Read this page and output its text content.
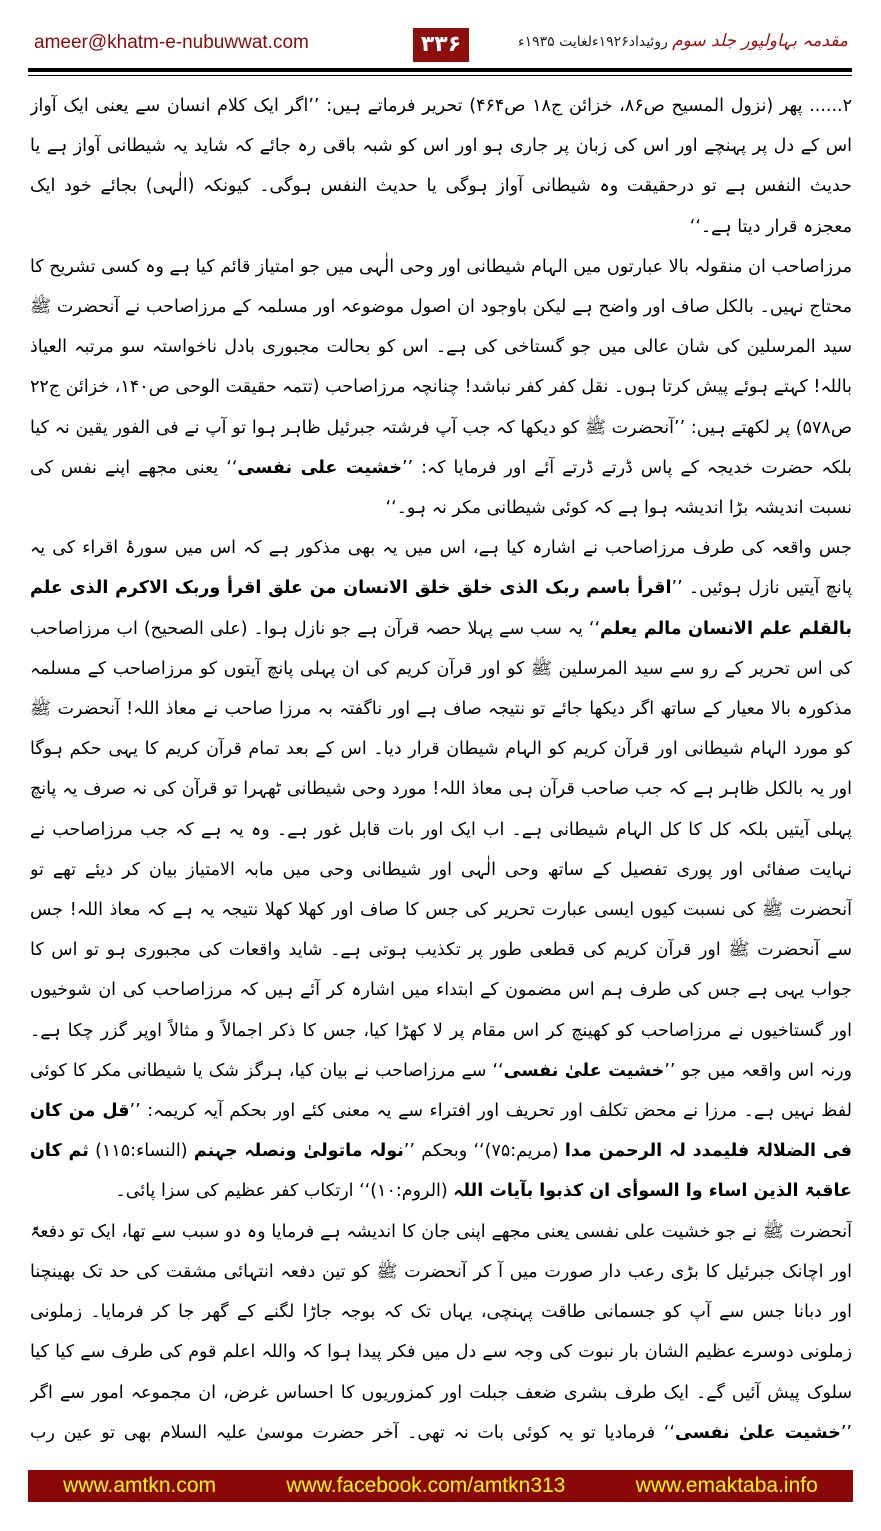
ameer@khatm-e-nubuwwat.com	۳۳۶	روئیداد۱۹۲۶ءلغایت ۱۹۳۵ء مقدمہ بہاولپور جلد سوم

۲...... پھر (نزول المسیح ص۸۶، خزائن ج۱۸ ص۴۶۴) تحریر فرماتے ہیں: ’’اگر ایک کلام انسان سے یعنی ایک آواز اس کے دل پر پہنچے اور اس کی زبان پر جاری ہو اور اس کو شبہ باقی رہ جائے کہ شاید یہ شیطانی آواز ہے یا حدیث النفس ہے تو درحقیقت وہ شیطانی آواز ہوگی یا حدیث النفس ہوگی۔ کیونکہ (الٰہی) بجائے خود ایک معجزہ قرار دیتا ہے۔‘‘

مرزاصاحب ان منقولہ بالا عبارتوں میں الہام شیطانی اور وحی الٰہی میں جو امتیاز قائم کیا ہے وہ کسی تشریح کا محتاج نہیں۔ بالکل صاف اور واضح ہے لیکن باوجود ان اصول موضوعہ اور مسلمہ کے مرزاصاحب نے آنحضرت ﷺ سید المرسلین کی شان عالی میں جو گستاخی کی ہے۔ اس کو بحالت مجبوری بادل ناخواستہ سو مرتبہ العیاذ باللہ! کہتے ہوئے پیش کرتا ہوں۔ نقل کفر کفر نباشد! چنانچہ مرزاصاحب (تتمہ حقیقت الوحی ص۱۴۰، خزائن ج۲۲ ص۵۷۸) پر لکھتے ہیں: ’’آنحضرت ﷺ کو دیکھا کہ جب آپ فرشتہ جبرئیل ظاہر ہوا تو آپ نے فی الفور یقین نہ کیا بلکہ حضرت خدیجہ کے پاس ڈرتے ڈرتے آئے اور فرمایا کہ: ’’خشیت علی نفسی‘‘ یعنی مجھے اپنے نفس کی نسبت اندیشہ بڑا اندیشہ ہوا ہے کہ کوئی شیطانی مکر نہ ہو۔‘‘

جس واقعہ کی طرف مرزاصاحب نے اشارہ کیا ہے، اس میں یہ بھی مذکور ہے کہ اس میں سورۂ اقراء کی یہ پانچ آیتیں نازل ہوئیں۔ ’’اقرأ باسم ربک الذی خلق خلق الانسان من علق اقرأ وربک الاکرم الذی علم بالقلم علم الانسان مالم یعلم‘‘ یہ سب سے پہلا حصہ قرآن ہے جو نازل ہوا۔ (علی الصحیح) اب مرزاصاحب کی اس تحریر کے رو سے سید المرسلین ﷺ کو اور قرآن کریم کی ان پہلی پانچ آیتوں کو مرزاصاحب کے مسلمہ مذکورہ بالا معیار کے ساتھ اگر دیکھا جائے تو نتیجہ صاف ہے اور ناگفتہ بہ مرزا صاحب نے معاذ اللہ! آنحضرت ﷺ کو مورد الہام شیطانی اور قرآن کریم کو الہام شیطان قرار دیا۔ اس کے بعد تمام قرآن کریم کا یہی حکم ہوگا اور یہ بالکل ظاہر ہے کہ جب صاحب قرآن ہی معاذ اللہ! مورد وحی شیطانی ٹھہرا تو قرآن کی نہ صرف یہ پانچ پہلی آیتیں بلکہ کل کا کل الہام شیطانی ہے۔ اب ایک اور بات قابل غور ہے۔ وہ یہ ہے کہ جب مرزاصاحب نے نہایت صفائی اور پوری تفصیل کے ساتھ وحی الٰہی اور شیطانی وحی میں مابہ الامتیاز بیان کر دیئے تھے تو آنحضرت ﷺ کی نسبت کیوں ایسی عبارت تحریر کی جس کا صاف اور کھلا کھلا نتیجہ یہ ہے کہ معاذ اللہ! جس سے آنحضرت ﷺ اور قرآن کریم کی قطعی طور پر تکذیب ہوتی ہے۔ شاید واقعات کی مجبوری ہو تو اس کا جواب یہی ہے جس کی طرف ہم اس مضمون کے ابتداء میں اشارہ کر آئے ہیں کہ مرزاصاحب کی ان شوخیوں اور گستاخیوں نے مرزاصاحب کو کھینچ کر اس مقام پر لا کھڑا کیا، جس کا ذکر اجمالاً و مثالاً اوپر گزر چکا ہے۔ ورنہ اس واقعہ میں جو ’’خشیت علیٰ نفسی‘‘ سے مرزاصاحب نے بیان کیا، ہرگز شک یا شیطانی مکر کا کوئی لفظ نہیں ہے۔ مرزا نے محض تکلف اور تحریف اور افتراء سے یہ معنی کئے اور بحکم آیہ کریمہ: ’’قل من کان فی الضلالۃ فلیمدد لہ الرحمن مدا (مریم:۷۵)‘‘ وبحکم ’’نولہ ماتولیٰ ونصلہ جہنم (النساء:۱۱۵) ثم کان عاقبۃ الذین اساء وا السوأی ان کذبوا بآیات اللہ (الروم:۱۰)‘‘ ارتکاب کفر عظیم کی سزا پائی۔

آنحضرت ﷺ نے جو خشیت علی نفسی یعنی مجھے اپنی جان کا اندیشہ ہے فرمایا وہ دو سبب سے تھا، ایک تو دفعۃً اور اچانک جبرئیل کا بڑی رعب دار صورت میں آ کر آنحضرت ﷺ کو تین دفعہ انتہائی مشقت کی حد تک بھینچنا اور دبانا جس سے آپ کو جسمانی طاقت پہنچی، یہاں تک کہ بوجہ جاڑا لگنے کے گھر جا کر فرمایا۔ زملونی زملونی دوسرے عظیم الشان بار نبوت کی وجہ سے دل میں فکر پیدا ہوا کہ واللہ اعلم قوم کی طرف سے کیا کیا سلوک پیش آئیں گے۔ ایک طرف بشری ضعف جبلت اور کمزوریوں کا احساس غرض، ان مجموعہ امور سے اگر ’’خشیت علیٰ نفسی‘‘ فرمادیا تو یہ کوئی بات نہ تھی۔ آخر حضرت موسیٰ علیہ السلام بھی تو عین رب

www.amtkn.com	www.facebook.com/amtkn313	www.emaktaba.info
